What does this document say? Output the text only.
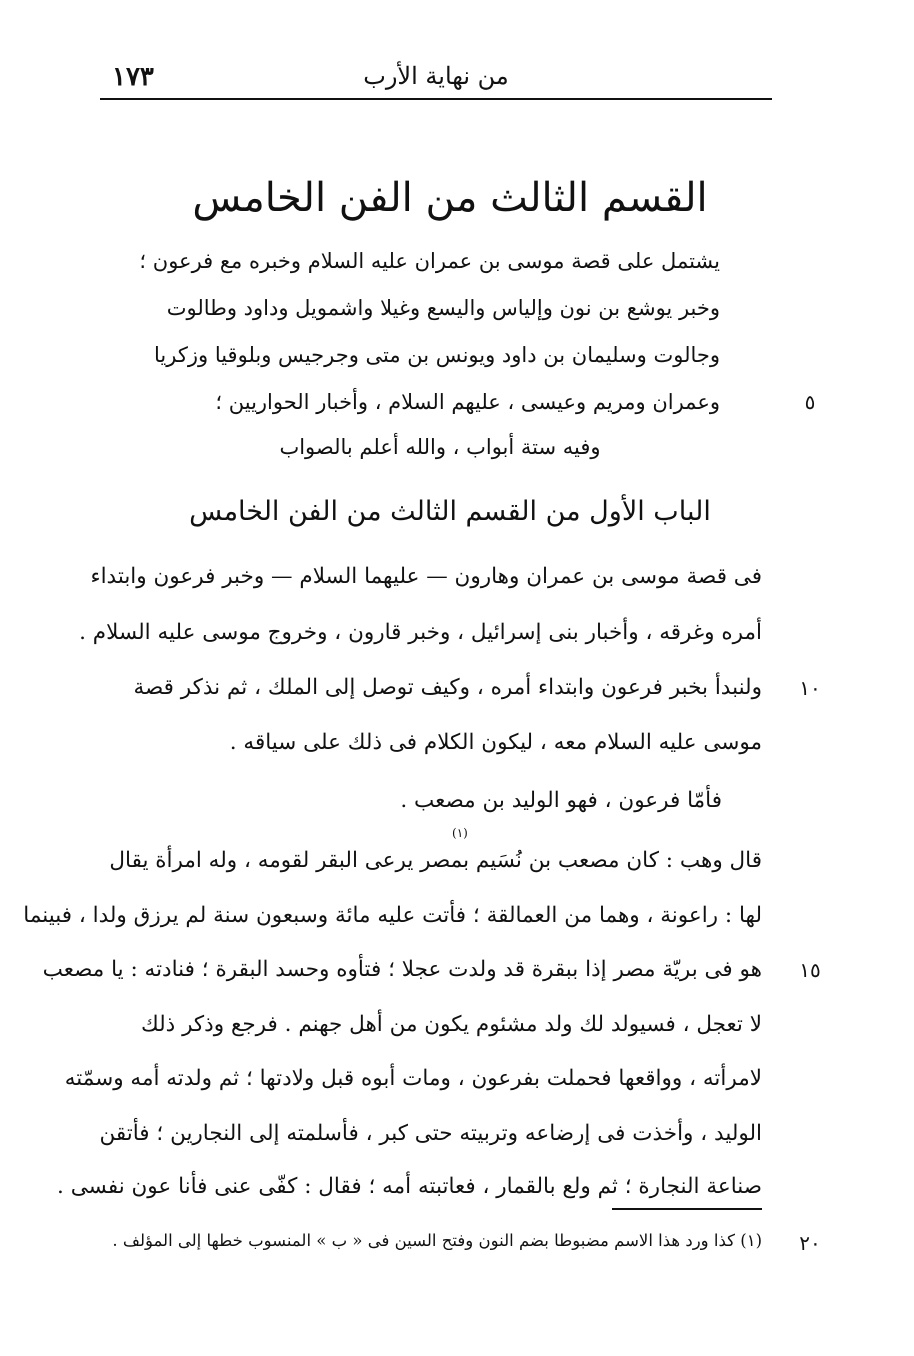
١٧٣	من نهاية الأرب
القسم الثالث من الفن الخامس
يشتمل على قصة موسى بن عمران عليه السلام وخبره مع فرعون ؛
وخبر يوشع بن نون وإلياس واليسع وغيلا واشمويل وداود وطالوت
وجالوت وسليمان بن داود ويونس بن متى وجرجيس وبلوقيا وزكريا
وعمران ومريم وعيسى ، عليهم السلام ، وأخبار الحواريين ؛
وفيه ستة أبواب ، والله أعلم بالصواب
الباب الأول من القسم الثالث من الفن الخامس
فى قصة موسى بن عمران وهارون — عليهما السلام — وخبر فرعون وابتداء
أمره وغرقه ، وأخبار بنى إسرائيل ، وخبر قارون ، وخروج موسى عليه السلام .
ولنبدأ بخبر فرعون وابتداء أمره ، وكيف توصل إلى الملك ، ثم نذكر قصة
موسى عليه السلام معه ، ليكون الكلام فى ذلك على سياقه .
فأمّا فرعون ، فهو الوليد بن مصعب .
قال وهب : كان مصعب بن نُسَيم بمصر يرعى البقر لقومه ، وله امرأة يقال
(١)
لها : راعونة ، وهما من العمالقة ؛ فأتت عليه مائة وسبعون سنة لم يرزق ولدا ، فبينما
هو فى بريّة مصر إذا ببقرة قد ولدت عجلا ؛ فتأوه وحسد البقرة ؛ فنادته : يا مصعب
لا تعجل ، فسيولد لك ولد مشئوم يكون من أهل جهنم . فرجع وذكر ذلك
لامرأته ، وواقعها فحملت بفرعون ، ومات أبوه قبل ولادتها ؛ ثم ولدته أمه وسمّته
الوليد ، وأخذت فى إرضاعه وتربيته حتى كبر ، فأسلمته إلى النجارين ؛ فأتقن
صناعة النجارة ؛ ثم ولع بالقمار ، فعاتبته أمه ؛ فقال : كفّى عنى فأنا عون نفسى .
٥
١٠
١٥
٢٠
(١) كذا ورد هذا الاسم مضبوطا بضم النون وفتح السين فى « ب » المنسوب خطها إلى المؤلف .
